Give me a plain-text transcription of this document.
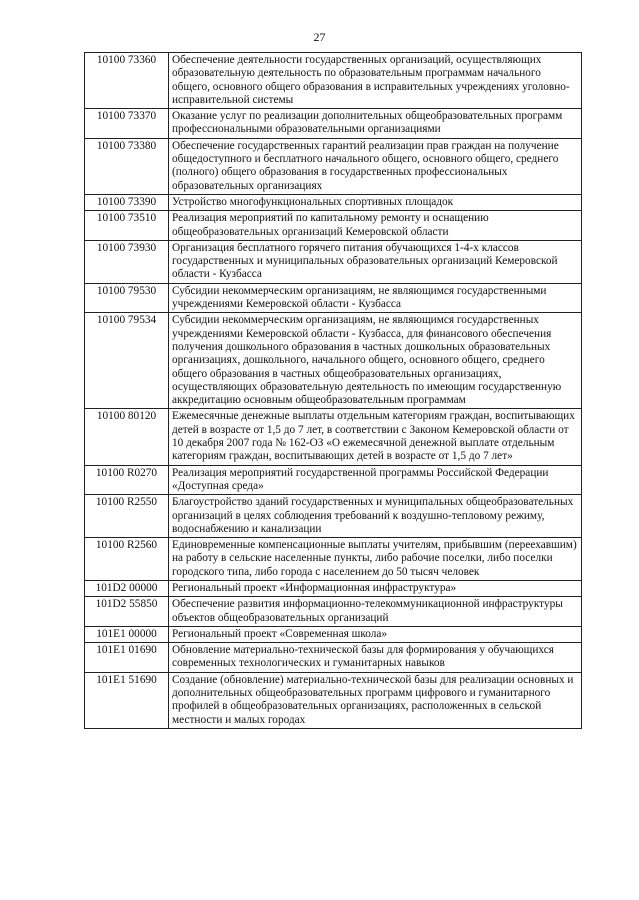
27
10100 73360	Обеспечение деятельности государственных организаций, осуществляющих образовательную деятельность по образовательным программам начального общего, основного общего образования в исправительных учреждениях уголовно-исправительной системы
10100 73370	Оказание услуг по реализации дополнительных общеобразовательных программ профессиональными образовательными организациями
10100 73380	Обеспечение государственных гарантий реализации прав граждан на получение общедоступного и бесплатного начального общего, основного общего, среднего (полного) общего образования в государственных профессиональных образовательных организациях
10100 73390	Устройство многофункциональных спортивных площадок
10100 73510	Реализация мероприятий по капитальному ремонту и оснащению общеобразовательных организаций Кемеровской области
10100 73930	Организация бесплатного горячего питания обучающихся 1-4-х классов государственных и муниципальных образовательных организаций Кемеровской области - Кузбасса
10100 79530	Субсидии некоммерческим организациям, не являющимся государственными учреждениями Кемеровской области - Кузбасса
10100 79534	Субсидии некоммерческим организациям, не являющимся государственных учреждениями Кемеровской области - Кузбасса, для финансового обеспечения получения дошкольного образования в частных дошкольных образовательных организациях, дошкольного, начального общего, основного общего, среднего общего образования в частных общеобразовательных организациях, осуществляющих образовательную деятельность по имеющим государственную аккредитацию основным общеобразовательным программам
10100 80120	Ежемесячные денежные выплаты отдельным категориям граждан, воспитывающих детей в возрасте от 1,5 до 7 лет, в соответствии с Законом Кемеровской области от 10 декабря 2007 года № 162-ОЗ «О ежемесячной денежной выплате отдельным категориям граждан, воспитывающих детей в возрасте от 1,5 до 7 лет»
10100 R0270	Реализация мероприятий государственной программы Российской Федерации «Доступная среда»
10100 R2550	Благоустройство зданий государственных и муниципальных общеобразовательных организаций в целях соблюдения требований к воздушно-тепловому режиму, водоснабжению и канализации
10100 R2560	Единовременные компенсационные выплаты учителям, прибывшим (переехавшим) на работу в сельские населенные пункты, либо рабочие поселки, либо поселки городского типа, либо города с населением до 50 тысяч человек
101D2 00000	Региональный проект «Информационная инфраструктура»
101D2 55850	Обеспечение развития информационно-телекоммуникационной инфраструктуры объектов общеобразовательных организаций
101E1 00000	Региональный проект «Современная школа»
101E1 01690	Обновление материально-технической базы для формирования у обучающихся современных технологических и гуманитарных навыков
101E1 51690	Создание (обновление) материально-технической базы для реализации основных и дополнительных общеобразовательных программ цифрового и гуманитарного профилей в общеобразовательных организациях, расположенных в сельской местности и малых городах
